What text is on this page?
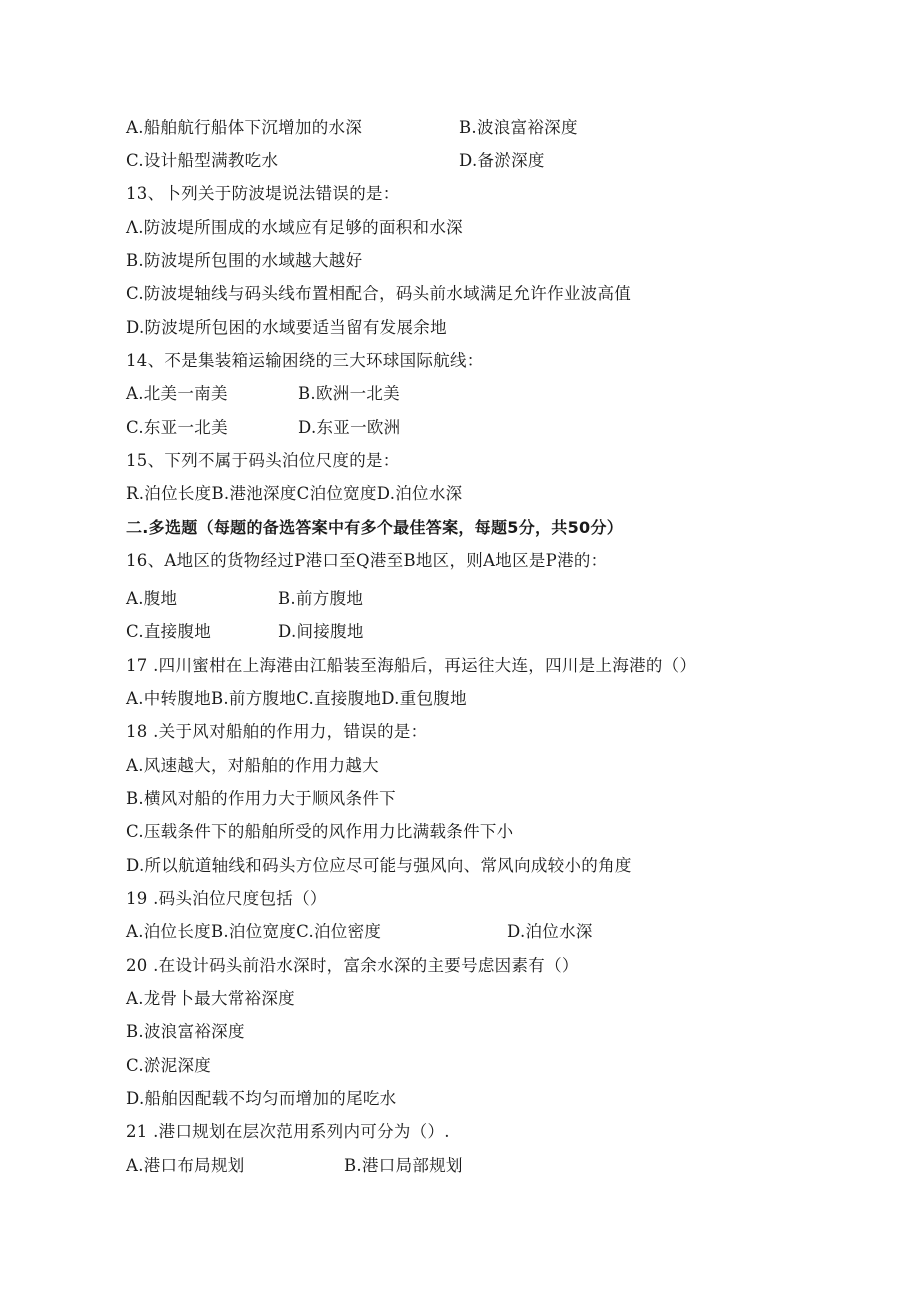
A.船舶航行船体下沉增加的水深	B.波浪富裕深度
C.设计船型满教吃水	D.备淤深度
13、卜列关于防波堤说法错误的是：
Λ.防波堤所围成的水域应有足够的面积和水深
B.防波堤所包围的水域越大越好
C.防波堤轴线与码头线布置相配合，码头前水域满足允许作业波高值
D.防波堤所包困的水域要适当留有发展余地
14、不是集装箱运输困绕的三大环球国际航线：
A.北美一南美	B.欧洲一北美
C.东亚一北美	D.东亚一欧洲
15、下列不属于码头泊位尺度的是：
R.泊位长度B.港池深度C泊位宽度D.泊位水深
二.多选题（每题的备选答案中有多个最佳答案，每题5分，共50分）
16、A地区的货物经过P港口至Q港至B地区，则A地区是P港的：
A.腹地	B.前方腹地
C.直接腹地	D.间接腹地
17 .四川蜜柑在上海港由江船装至海船后，再运往大连，四川是上海港的（）
A.中转腹地B.前方腹地C.直接腹地D.重包腹地
18 .关于风对船舶的作用力，错误的是：
A.风速越大，对船舶的作用力越大
B.横风对船的作用力大于顺风条件下
C.压载条件下的船舶所受的风作用力比满载条件下小
D.所以航道轴线和码头方位应尽可能与强风向、常风向成较小的角度
19 .码头泊位尺度包括（）
A.泊位长度B.泊位宽度C.泊位密度	D.泊位水深
20 .在设计码头前沿水深时，富余水深的主要号虑因素有（）
A.龙骨卜最大常裕深度
B.波浪富裕深度
C.淤泥深度
D.船舶因配载不均匀而增加的尾吃水
21 .港口规划在层次范用系列内可分为（）.
A.港口布局规划	B.港口局部规划
